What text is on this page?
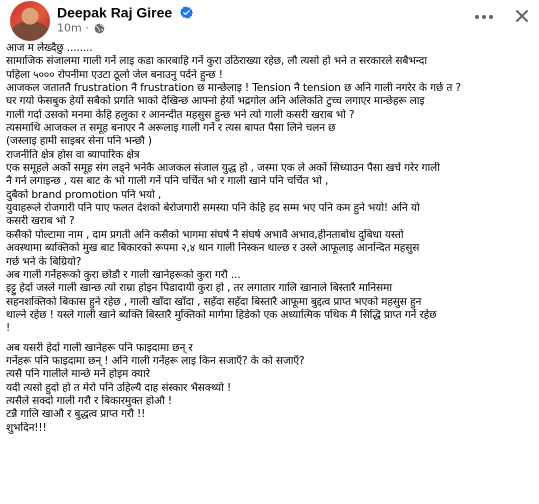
Deepak Raj Giree
10m ·
आज म लेख्दैछु ........
सामाजिक संजालमा गाली गर्ने लाइ कडा कारबाहि गर्ने कुरा उठिराख्या रहेछ, लौ त्यसो हो भने त सरकारले सबैभन्दा
पहिला ५००० रोपनीमा एउटा ठूलो जेल बनाउनु पर्दने हुन्छ !
आजकल जताततै frustration नै frustration छ मान्छेलाइ ! Tension नै tension छ अनि गाली नगरेर के गर्छ त ?
घर गयो फेसबुक हेर्यो सबैको प्रगति भाको देखिन्छ आफ्नो हेर्यो भद्रगोल अनि अलिकति टुच्च लगाएर मान्छेहरू लाइ
गाली गर्दा उसको मनमा केहि हलुका र आनन्दीत महसुस हुन्छ भने त्यो गाली कसरी खराब भो ?
त्यसमाथि आजकल त समूह बनाएर नै अरूलाइ गाली गर्ने र त्यस बापत पैसा लिने चलन छ
(जस्लाइ हामी साइबर सेना पनि भन्छौ )
राजनीति क्षेत्र होस वा ब्यापारिक क्षेत्र
एक समूहले अर्को समूह संग लड्ने भनेकै आजकल संजाल युद्ध हो , जस्मा एक ले अर्को सिध्याउन पैसा खर्च गरेर गाली
नै गर्न लगाइन्छ , यस बाट के भो गाली गर्ने पनि चर्चित भो र गाली खाने पनि चर्चित भो ,
दुबैको brand promotion पनि भयो ,
युवाहरूले रोजगारी पनि पाए फलत देशको बेरोजगारी समस्या पनि केहि हद सम्म भए पनि कम हुने भयो! अनि यो
कसरी खराब भो ?
कसैको पोल्टामा नाम , दाम प्रगती अनि कसैको भागमा संघर्ष नै संघर्ष अभावै अभाव,हीनताबोध दुबिधा यस्तो
अवस्थामा ब्यक्तिको मुख बाट बिकारको रूपमा २,४ थान गाली निस्कन थाल्छ र उस्ले आफूलाइ आनन्दित महसुस
गर्छ भने के बिग्रियो?
अब गाली गर्नेहरूको कुरा छोडौ र गाली खानेहरूको कुरा गरौ ...
इट्टु हेर्दा जस्ले गाली खान्छ त्यो राम्रा होइन पिडादायी कुरा हो , तर लगातार गालि खानाले बिस्तारै मानिसमा
सहनशक्तिको बिकास हुने रहेछ , गाली खाँदा खाँदा , सहँदा सहँदा बिस्तारै आफूमा बुद्दत्व प्राप्त भएको महसुस हुन
थाल्ने रहेछ ! यस्ले गाली खाने ब्यक्ति बिस्तारै मुक्तिको मार्गमा हिडेको एक अध्यात्मिक पथिक मै सिद्धि प्राप्त गर्ने रहेछ
!
अब यसरी हेर्दा गाली खानेहरू पनि फाइदामा छन् र
गर्नेहरू पनि फाइदामा छन् ! अनि गाली गर्नेहरू लाइ किन सजाएँ? के को सजाएँ?
त्यसै पनि गालीले मान्छे मर्ने होइम क्यारे
यदी त्यसो हुदो हो त मेरो पनि उहिल्यै दाह संस्कार भैसक्थ्यो !
त्यसैले सक्दो गाली गरौ र बिकारमुक्त होऔ !
टन्नै गालि खाऔ र बुद्धत्व प्राप्त गरौ !!
शुभदिन!!!
